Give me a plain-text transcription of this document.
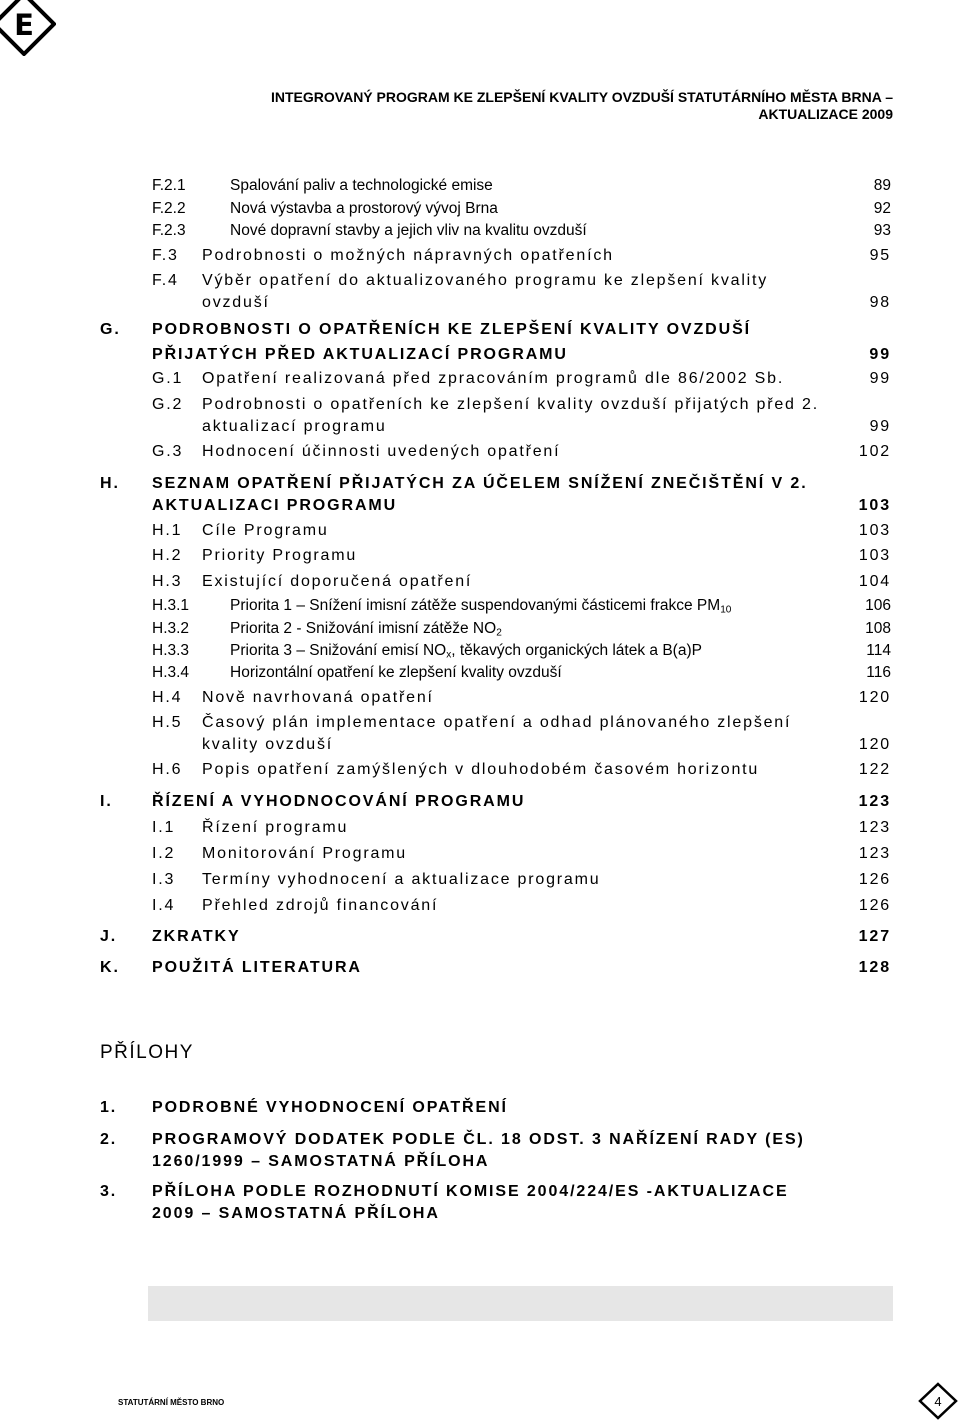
E
INTEGROVANÝ PROGRAM KE ZLEPŠENÍ KVALITY OVZDUŠÍ STATUTÁRNÍHO MĚSTA BRNA –
AKTUALIZACE 2009
F.2.1	Spalování paliv a technologické emise	89
F.2.2	Nová výstavba a prostorový vývoj Brna	92
F.2.3	Nové dopravní stavby a jejich vliv na kvalitu ovzduší	93
F.3 Podrobnosti o možných nápravných opatřeních	95
F.4 Výběr opatření do aktualizovaného programu ke zlepšení kvality
ovzduší	98
G. PODROBNOSTI O OPATŘENÍCH KE ZLEPŠENÍ KVALITY OVZDUŠÍ
PŘIJATÝCH PŘED AKTUALIZACÍ PROGRAMU	99
G.1 Opatření realizovaná před zpracováním programů dle 86/2002 Sb.	99
G.2 Podrobnosti o opatřeních ke zlepšení kvality ovzduší přijatých před 2.
aktualizací programu	99
G.3 Hodnocení účinnosti uvedených opatření	102
H. SEZNAM OPATŘENÍ PŘIJATÝCH ZA ÚČELEM SNÍŽENÍ ZNEČIŠTĚNÍ V 2.
AKTUALIZACI PROGRAMU	103
H.1 Cíle Programu	103
H.2 Priority Programu	103
H.3 Existující doporučená opatření	104
H.3.1	Priorita 1 – Snížení imisní zátěže suspendovanými částicemi frakce $PM_{10}$	106
H.3.2	Priorita 2 - Snižování imisní zátěže $NO_2$	108
H.3.3	Priorita 3 – Snižování emisí $NO_x$, těkavých organických látek a B(a)P	114
H.3.4	Horizontální opatření ke zlepšení kvality ovzduší	116
H.4 Nově navrhovaná opatření	120
H.5 Časový plán implementace opatření a odhad plánovaného zlepšení
kvality ovzduší	120
H.6 Popis opatření zamýšlených v dlouhodobém časovém horizontu	122
I. ŘÍZENÍ A VYHODNOCOVÁNÍ PROGRAMU	123
I.1 Řízení programu	123
I.2 Monitorování Programu	123
I.3 Termíny vyhodnocení a aktualizace programu	126
I.4 Přehled zdrojů financování	126
J. ZKRATKY	127
K. POUŽITÁ LITERATURA	128
PŘÍLOHY
1. PODROBNÉ VYHODNOCENÍ OPATŘENÍ
2. PROGRAMOVÝ DODATEK PODLE ČL. 18 ODST. 3 NAŘÍZENÍ RADY (ES)
1260/1999 – SAMOSTATNÁ PŘÍLOHA
3. PŘÍLOHA PODLE ROZHODNUTÍ KOMISE 2004/224/ES -AKTUALIZACE
2009 – SAMOSTATNÁ PŘÍLOHA
STATUTÁRNÍ MĚSTO BRNO	4
